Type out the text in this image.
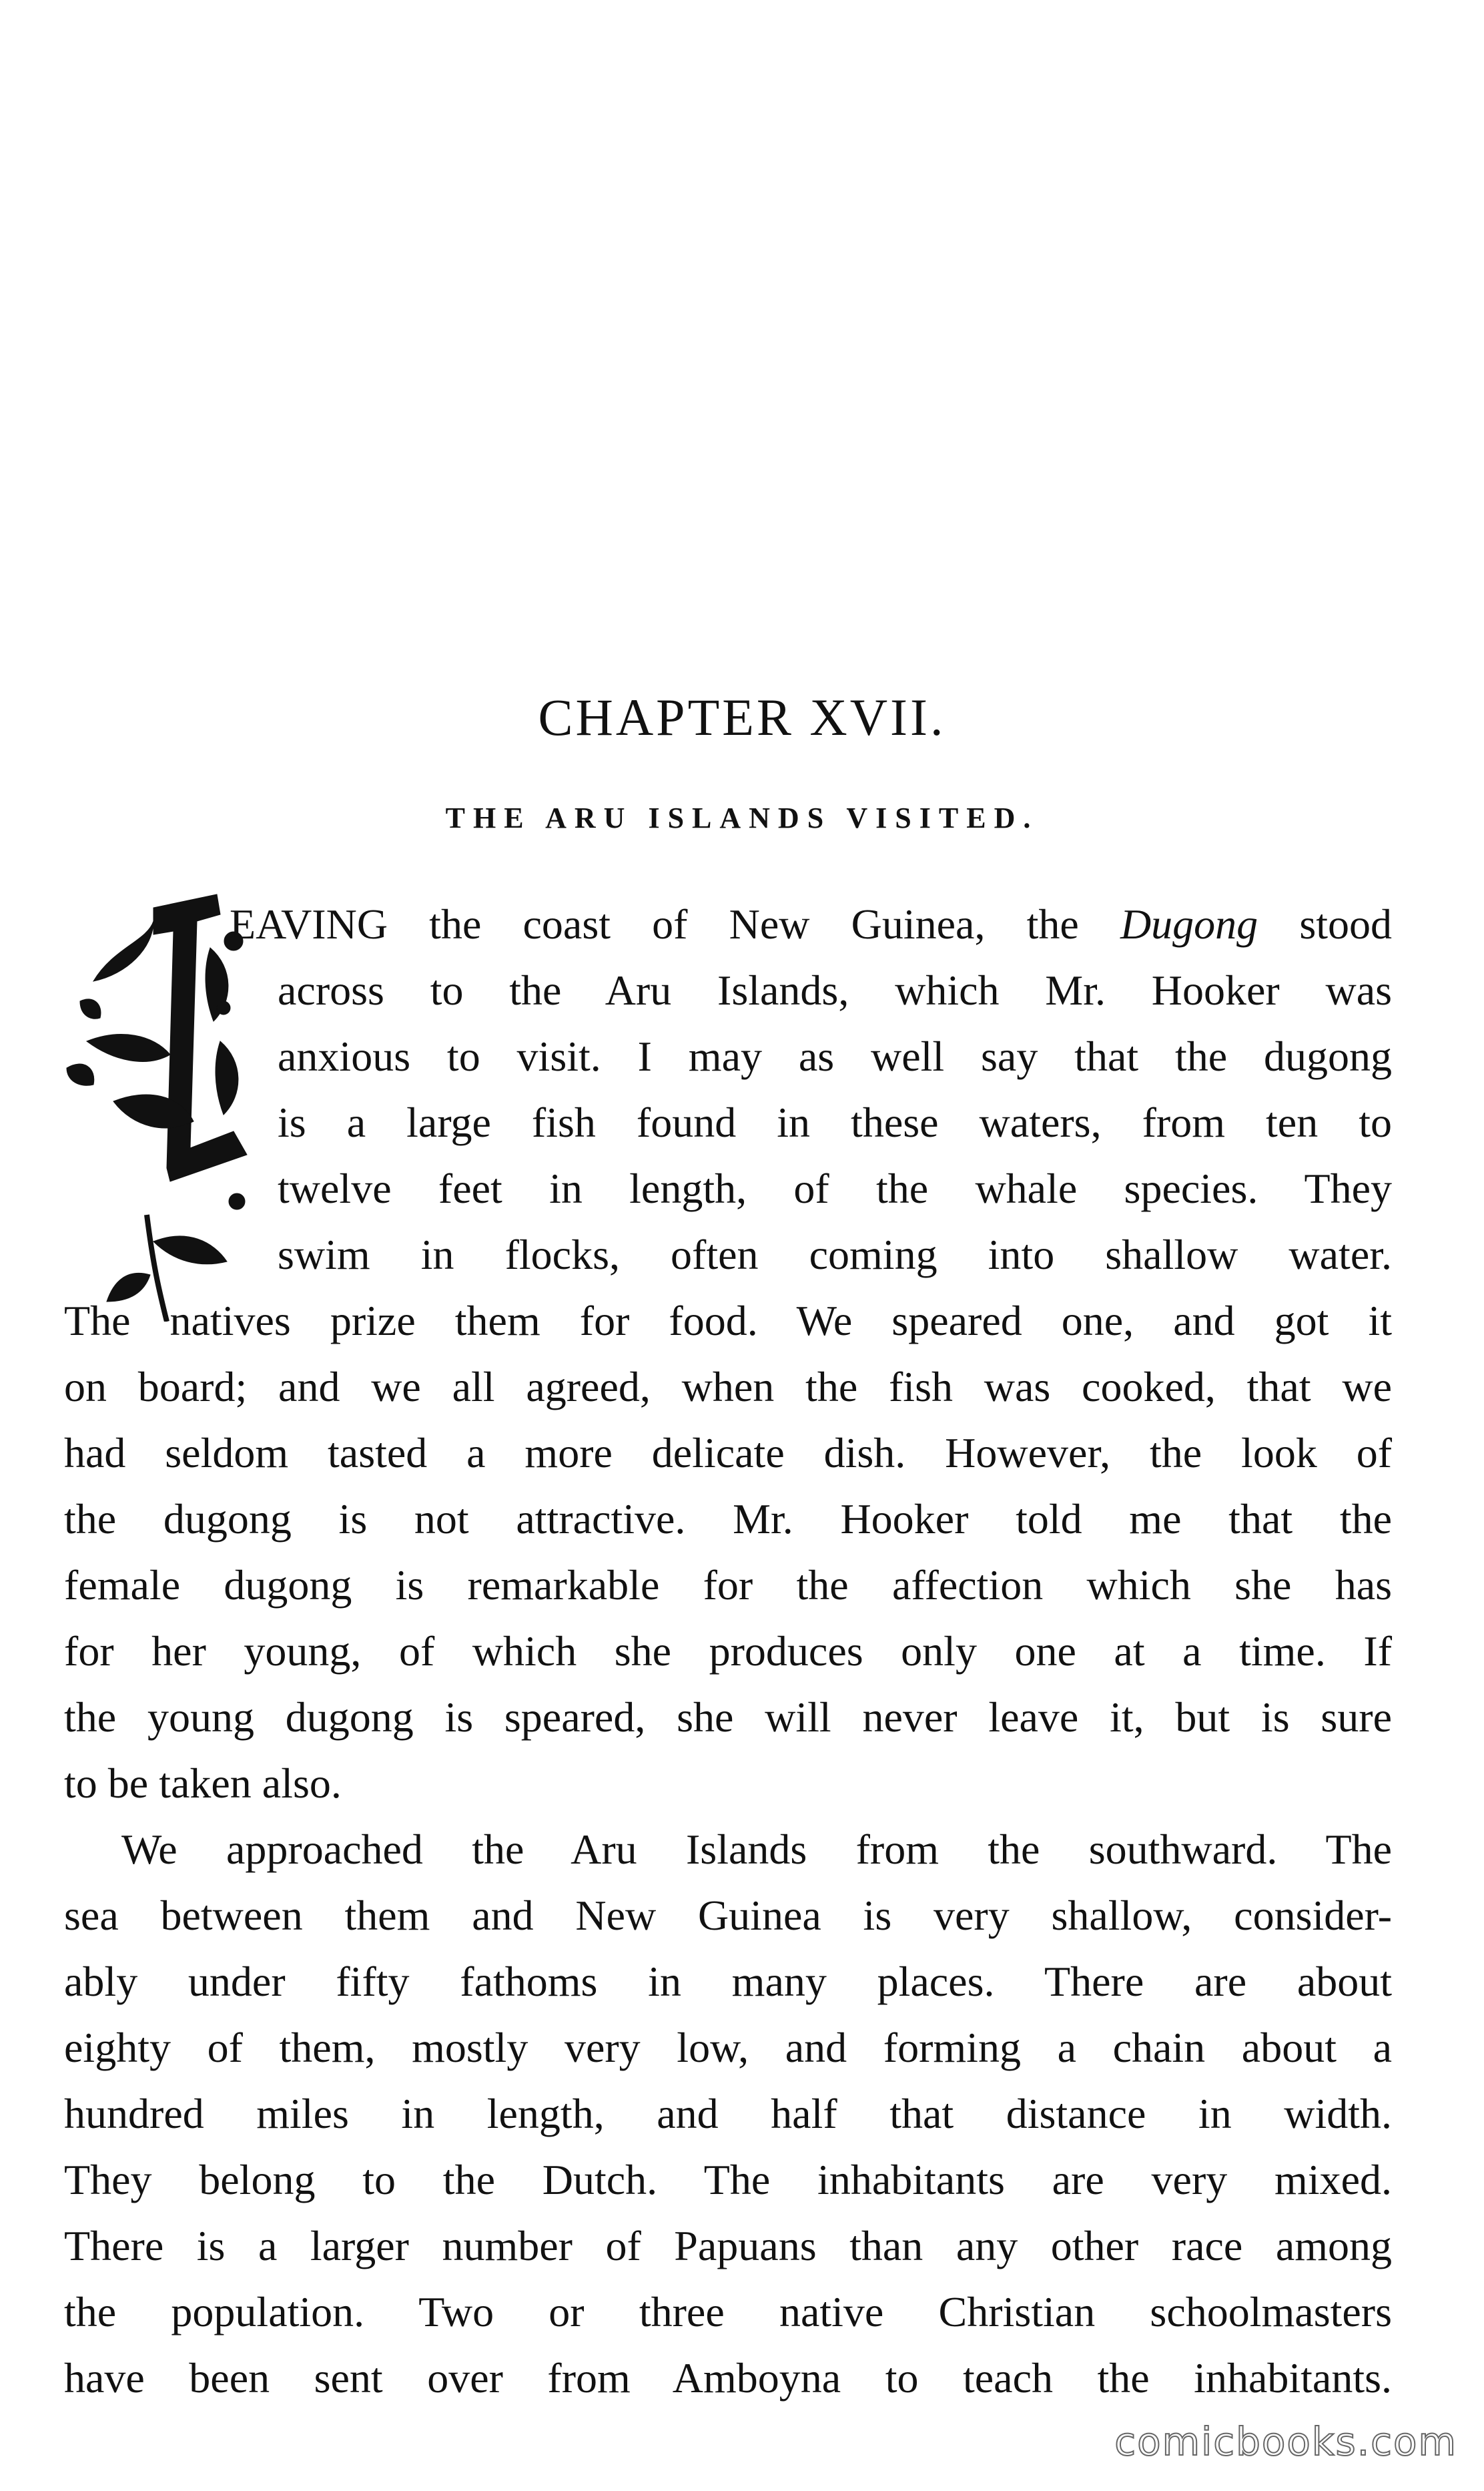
CHAPTER XVII.
THE ARU ISLANDS VISITED.
EAVING the coast of New Guinea, the Dugong stood
across to the Aru Islands, which Mr. Hooker was
anxious to visit. I may as well say that the dugong
is a large fish found in these waters, from ten to
twelve feet in length, of the whale species. They
swim in flocks, often coming into shallow water.
The natives prize them for food. We speared one, and got it
on board; and we all agreed, when the fish was cooked, that we
had seldom tasted a more delicate dish. However, the look of
the dugong is not attractive. Mr. Hooker told me that the
female dugong is remarkable for the affection which she has
for her young, of which she produces only one at a time. If
the young dugong is speared, she will never leave it, but is sure
to be taken also.
We approached the Aru Islands from the southward. The
sea between them and New Guinea is very shallow, consider-
ably under fifty fathoms in many places. There are about
eighty of them, mostly very low, and forming a chain about a
hundred miles in length, and half that distance in width.
They belong to the Dutch. The inhabitants are very mixed.
There is a larger number of Papuans than any other race among
the population. Two or three native Christian schoolmasters
have been sent over from Amboyna to teach the inhabitants.
comicbooks.com
